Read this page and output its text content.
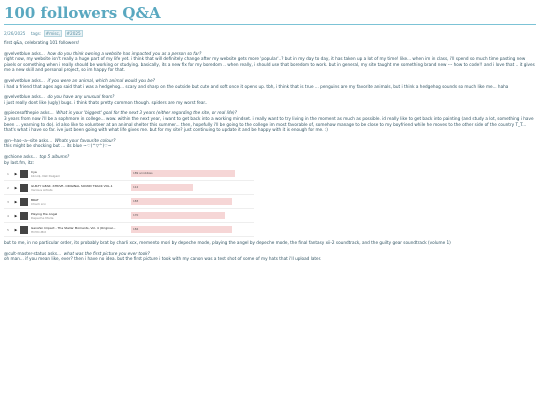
100 followers Q&A
2/26/2025 tags: #misc, #2025

first q&a, celebrating 101 followers!

@velvetblue asks... how do you think owning a website has impacted you as a person so far?

right now, my website isn't really a huge part of my life yet. i think that will definitely change after my website gets more 'popular'..? but in my day to day, it has taken up a lot of my time! like... when im in class, i'll spend so much time pasting new pixels or something when i really should be working or studying. basically, its a new fix for my boredom .. when really, i should use that boredom to work. but in general, my site taught me something brand new --- how to code!! and i love that .. it gives me a new skill and personal project, so im happy for that.

@velvetblue asks... if you were an animal, which animal would you be?

i had a friend that ages ago said that i was a hedgehog... scary and sharp on the outside but cute and soft once it opens up. tbh, i think that is true ... penguins are my favorite animals, but i think a hedgehog sounds so much like me... haha

@velvetblue asks... do you have any unusual fears?

i just really dont like (ugly) bugs. i think thats pretty common though. spiders are my worst fear..

@piecesofthepie asks... What is your 'biggest' goal for the next 3 years (either regarding the site, or real life)?

3 years from now i'll be a sophmore in college... wow. within the next year, i want to get back into a working mindset. i really want to try living in the moment as much as possible. id really like to get back into painting (and study a lot, something i have been ... yearning to do). id also like to volunteer at an animal shelter this summer... then, hopefully i'll be going to the college im most favorable of, somehow manage to be close to my boyfriend while he moves to the other side of the country T_T... that's what i have so far. ive just been going with what life gives me. but for my site? just continuing to update it and be happy with it is enough for me. :)

@n--has--a--site asks... Whats your favourite colour?

this might be shocking but ... its blue ~♡(^▽^)♡~

@chione asks... top 5 albums?

by last.fm, itz:

1	▶	Cya
bbno$, Nat Dalgam
189 scrobbles
2	▶	GUILTY GEAR -STRIVE- ORIGINAL SOUND TRACK VOL.1
Various Artists
112
3	▶	BRAT
Charli xcx
183
4	▶	Playing the Angel
Depeche Mode
170
5	▶	Genshin Impact - The Stellar Moments, Vol. 4 (Original...
HOYO-MiX
184

but to me, in no particular order, its probably brat by charli xcx, memento mori by depeche mode, playing the angel by depeche mode, the final fantasy xii-2 soundtrack, and the guilty gear soundtrack (volume 1)

@cult-master-status asks... what was the first picture you ever took?

oh man... if you mean like, ever? then i have no idea. but the first picture i took with my canon was a test shot of some of my hats that i'll upload later.
